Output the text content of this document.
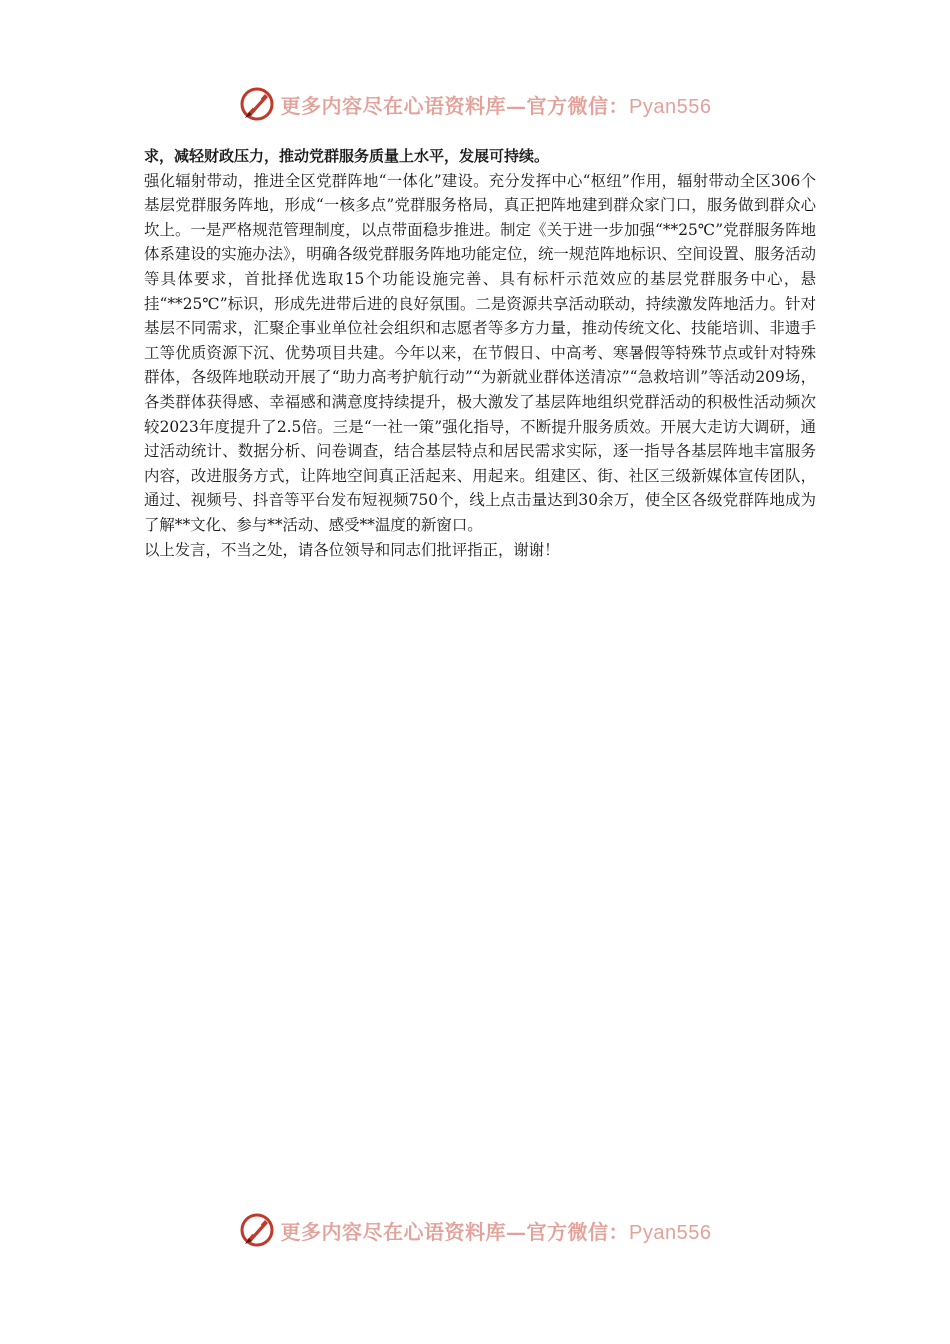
更多内容尽在心语资料库—官方微信：Pyan556

求，减轻财政压力，推动党群服务质量上水平，发展可持续。

强化辐射带动，推进全区党群阵地“一体化”建设。充分发挥中心“枢纽”作用，辐射带动全区306个基层党群服务阵地，形成“一核多点”党群服务格局，真正把阵地建到群众家门口，服务做到群众心坎上。一是严格规范管理制度，以点带面稳步推进。制定《关于进一步加强“**25℃”党群服务阵地体系建设的实施办法》，明确各级党群服务阵地功能定位，统一规范阵地标识、空间设置、服务活动等具体要求，首批择优选取15个功能设施完善、具有标杆示范效应的基层党群服务中心，悬挂“**25℃”标识，形成先进带后进的良好氛围。二是资源共享活动联动，持续激发阵地活力。针对基层不同需求，汇聚企事业单位社会组织和志愿者等多方力量，推动传统文化、技能培训、非遗手工等优质资源下沉、优势项目共建。今年以来，在节假日、中高考、寒暑假等特殊节点或针对特殊群体，各级阵地联动开展了“助力高考护航行动”“为新就业群体送清凉”“急救培训”等活动209场，各类群体获得感、幸福感和满意度持续提升，极大激发了基层阵地组织党群活动的积极性活动频次较2023年度提升了2.5倍。三是“一社一策”强化指导，不断提升服务质效。开展大走访大调研，通过活动统计、数据分析、问卷调查，结合基层特点和居民需求实际，逐一指导各基层阵地丰富服务内容，改进服务方式，让阵地空间真正活起来、用起来。组建区、街、社区三级新媒体宣传团队，通过、视频号、抖音等平台发布短视频750个，线上点击量达到30余万，使全区各级党群阵地成为了解**文化、参与**活动、感受**温度的新窗口。

以上发言，不当之处，请各位领导和同志们批评指正，谢谢！

更多内容尽在心语资料库—官方微信：Pyan556
